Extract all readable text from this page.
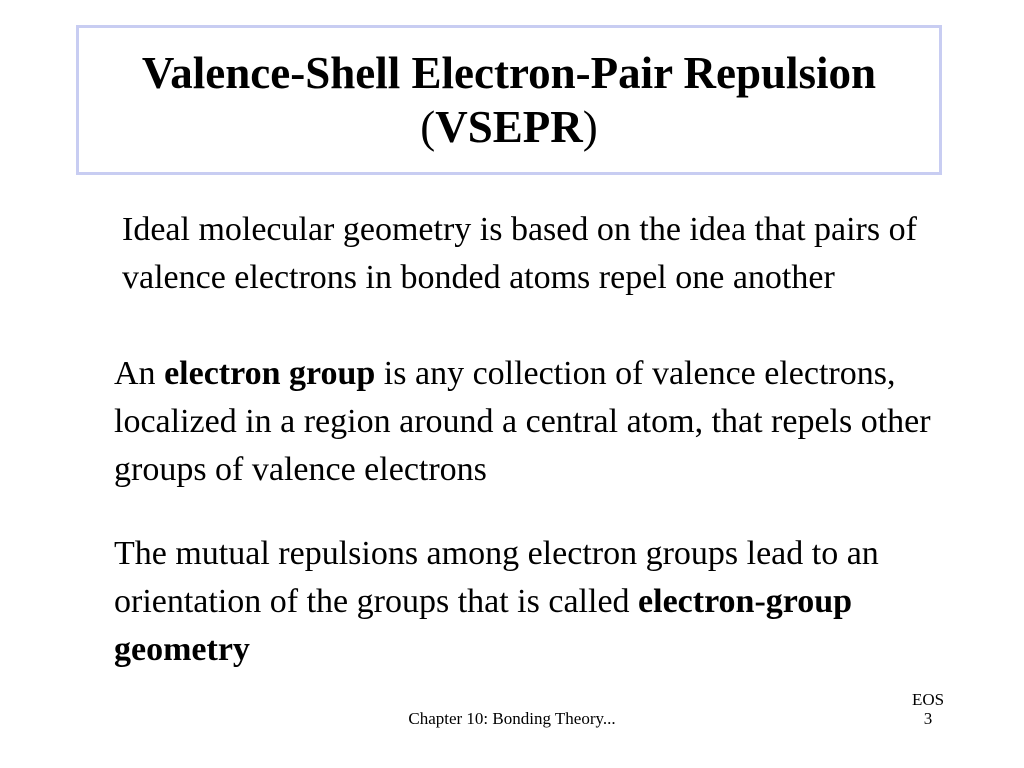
Valence-Shell Electron-Pair Repulsion
(VSEPR)
Ideal molecular geometry is based on the idea that pairs of valence electrons in bonded atoms repel one another
An electron group is any collection of valence electrons, localized in a region around a central atom, that repels other groups of valence electrons
The mutual repulsions among electron groups lead to an orientation of the groups that is called electron-group geometry
Chapter 10: Bonding Theory...
EOS
3
